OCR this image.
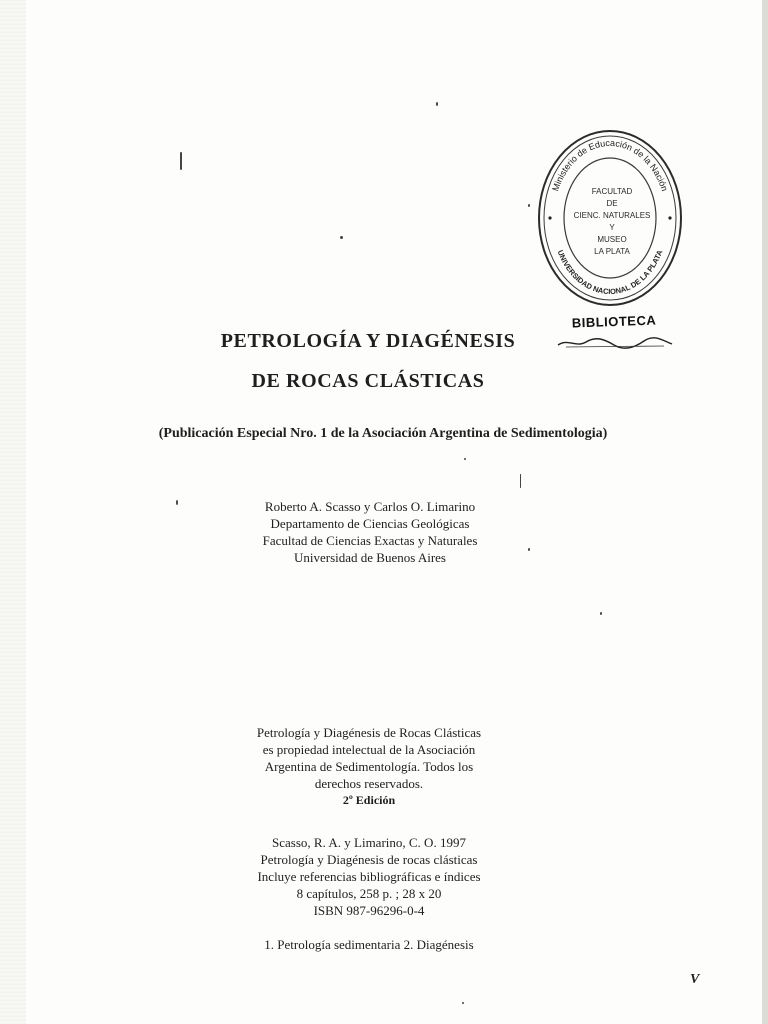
Ministerio de Educación de la Nación
UNIVERSIDAD NACIONAL DE LA PLATA
FACULTAD
DE
CIENC. NATURALES
Y
MUSEO
LA PLATA
BIBLIOTECA
PETROLOGÍA Y DIAGÉNESIS
DE ROCAS CLÁSTICAS
(Publicación Especial Nro. 1 de la Asociación Argentina de Sedimentologia)
Roberto A. Scasso y Carlos O. Limarino
Departamento de Ciencias Geológicas
Facultad de Ciencias Exactas y Naturales
Universidad de Buenos Aires
Petrología y Diagénesis de Rocas Clásticas
es propiedad intelectual de la Asociación
Argentina de Sedimentología. Todos los
derechos reservados.
2º Edición
Scasso, R. A. y Limarino, C. O. 1997
Petrología y Diagénesis de rocas clásticas
Incluye referencias bibliográficas e índices
8 capítulos, 258 p. ; 28 x 20
ISBN 987-96296-0-4
1. Petrología sedimentaria 2. Diagénesis
V
